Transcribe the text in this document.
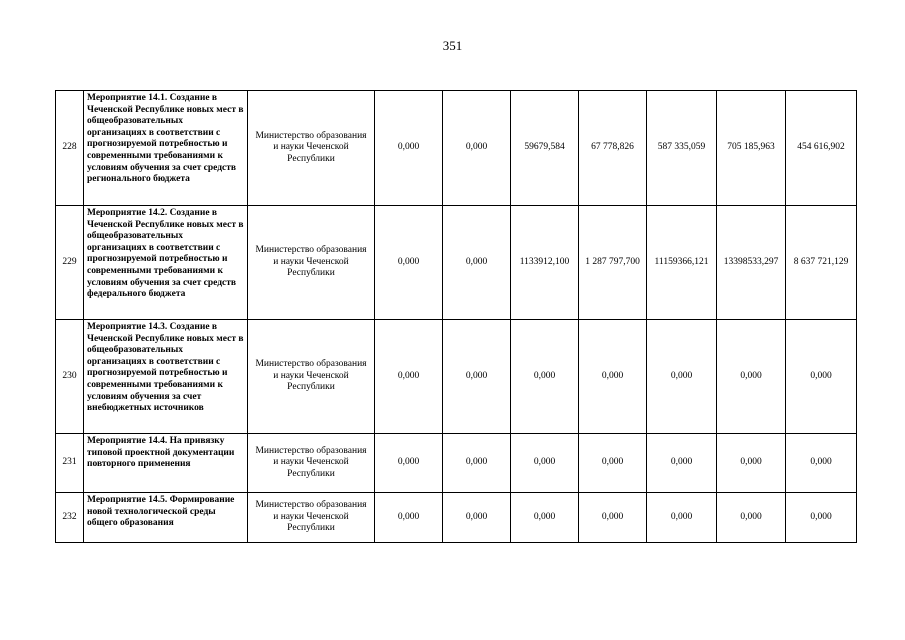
351
228	Мероприятие 14.1. Создание в Чеченской Республике новых мест в общеобразовательных организациях в соответствии с прогнозируемой потребностью и современными требованиями к условиям обучения за счет средств регионального бюджета	Министерство образования и науки Чеченской Республики	0,000	0,000	59679,584	67 778,826	587 335,059	705 185,963	454 616,902
229	Мероприятие 14.2. Создание в Чеченской Республике новых мест в общеобразовательных организациях в соответствии с прогнозируемой потребностью и современными требованиями к условиям обучения за счет средств федерального бюджета	Министерство образования и науки Чеченской Республики	0,000	0,000	1133912,100	1 287 797,700	11159366,121	13398533,297	8 637 721,129
230	Мероприятие 14.3. Создание в Чеченской Республике новых мест в общеобразовательных организациях в соответствии с прогнозируемой потребностью и современными требованиями к условиям обучения за счет внебюджетных источников	Министерство образования и науки Чеченской Республики	0,000	0,000	0,000	0,000	0,000	0,000	0,000
231	Мероприятие 14.4. На привязку типовой проектной документации повторного применения	Министерство образования и науки Чеченской Республики	0,000	0,000	0,000	0,000	0,000	0,000	0,000
232	Мероприятие 14.5. Формирование новой технологической среды общего образования	Министерство образования и науки Чеченской Республики	0,000	0,000	0,000	0,000	0,000	0,000	0,000
